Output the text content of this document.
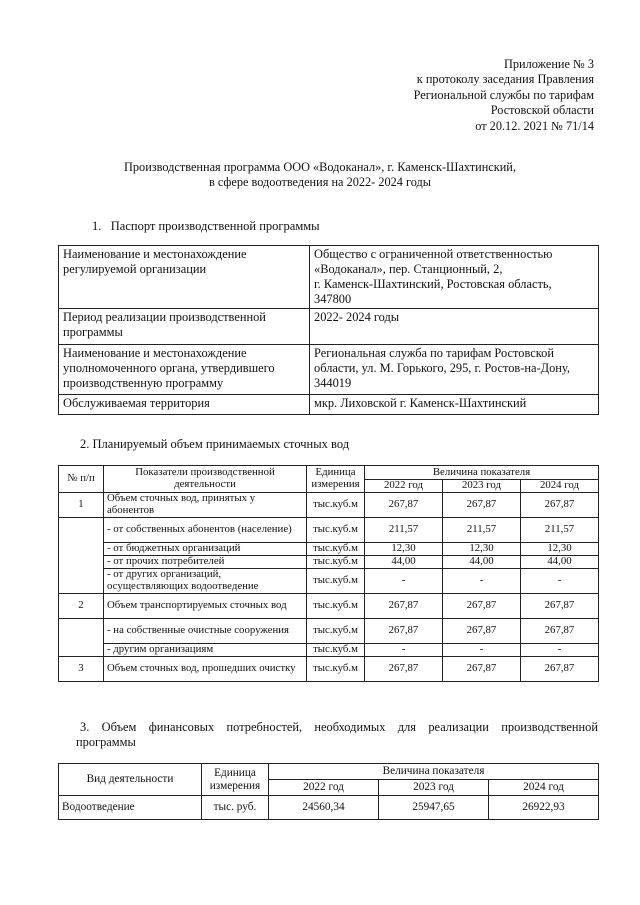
Приложение № 3
к протоколу заседания Правления
Региональной службы по тарифам
Ростовской области
от 20.12. 2021 № 71/14
Производственная программа ООО «Водоканал», г. Каменск-Шахтинский,
в сфере водоотведения на 2022- 2024 годы
1. Паспорт производственной программы
Наименование и местонахождение регулируемой организации	Общество с ограниченной ответственностью
«Водоканал», пер. Станционный, 2,
г. Каменск-Шахтинский, Ростовская область,
347800

Период реализации производственной программы	2022- 2024 годы

Наименование и местонахождение уполномоченного органа, утвердившего производственную программу	Региональная служба по тарифам Ростовской
области, ул. М. Горького, 295, г. Ростов-на-Дону,
344019

Обслуживаемая территория	мкр. Лиховской г. Каменск-Шахтинский
2. Планируемый объем принимаемых сточных вод
№ п/п	Показатели производственной деятельности	Единица измерения	Величина показателя		
			2022 год	2023 год	2024 год
1	Объем сточных вод, принятых у абонентов	тыс.куб.м	267,87	267,87	267,87
	- от собственных абонентов (население)	тыс.куб.м	211,57	211,57	211,57
	- от бюджетных организаций	тыс.куб.м	12,30	12,30	12,30
	- от прочих потребителей	тыс.куб.м	44,00	44,00	44,00
	- от других организаций, осуществляющих водоотведение	тыс.куб.м	-	-	-
2	Объем транспортируемых сточных вод	тыс.куб.м	267,87	267,87	267,87
	- на собственные очистные сооружения	тыс.куб.м	267,87	267,87	267,87
	- другим организациям	тыс.куб.м	-	-	-
3	Объем сточных вод, прошедших очистку	тыс.куб.м	267,87	267,87	267,87
3. Объем финансовых потребностей, необходимых для реализации производственной
программы
Вид деятельности	Единица измерения	Величина показателя		
		2022 год	2023 год	2024 год
Водоотведение	тыс. руб.	24560,34	25947,65	26922,93
